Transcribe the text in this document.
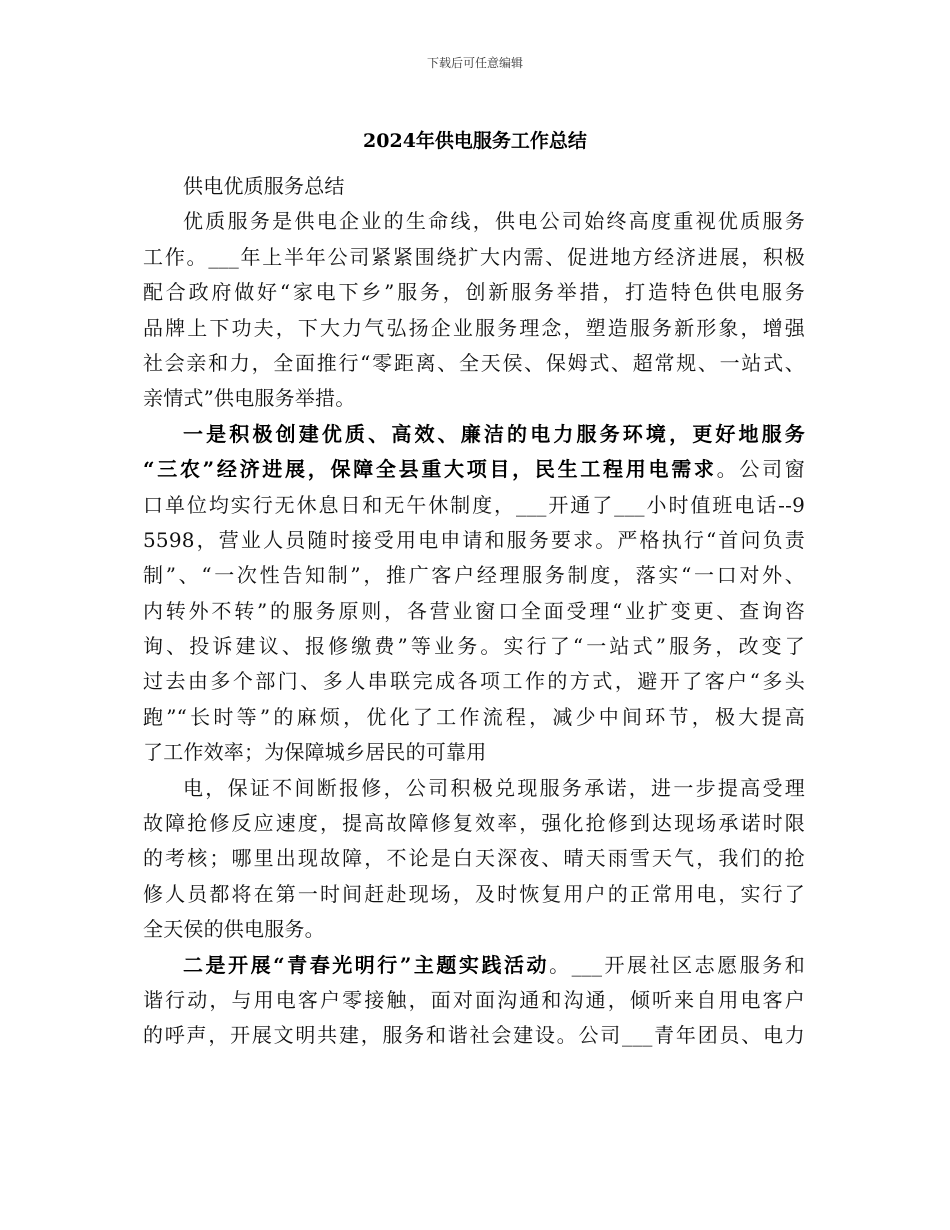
下载后可任意编辑
2024年供电服务工作总结
供电优质服务总结
优质服务是供电企业的生命线，供电公司始终高度重视优质服务
工作。___年上半年公司紧紧围绕扩大内需、促进地方经济进展，积极
配合政府做好“家电下乡”服务，创新服务举措，打造特色供电服务
品牌上下功夫，下大力气弘扬企业服务理念，塑造服务新形象，增强
社会亲和力，全面推行“零距离、全天侯、保姆式、超常规、一站式、
亲情式”供电服务举措。
一是积极创建优质、高效、廉洁的电力服务环境，更好地服务
“三农”经济进展，保障全县重大项目，民生工程用电需求。公司窗
口单位均实行无休息日和无午休制度，___开通了___小时值班电话--9
5598，营业人员随时接受用电申请和服务要求。严格执行“首问负责
制”、“一次性告知制”，推广客户经理服务制度，落实“一口对外、
内转外不转”的服务原则，各营业窗口全面受理“业扩变更、查询咨
询、投诉建议、报修缴费”等业务。实行了“一站式”服务，改变了
过去由多个部门、多人串联完成各项工作的方式，避开了客户“多头
跑”“长时等”的麻烦，优化了工作流程，减少中间环节，极大提高
了工作效率；为保障城乡居民的可靠用
电，保证不间断报修，公司积极兑现服务承诺，进一步提高受理
故障抢修反应速度，提高故障修复效率，强化抢修到达现场承诺时限
的考核；哪里出现故障，不论是白天深夜、晴天雨雪天气，我们的抢
修人员都将在第一时间赶赴现场，及时恢复用户的正常用电，实行了
全天侯的供电服务。
二是开展“青春光明行”主题实践活动。___开展社区志愿服务和
谐行动，与用电客户零接触，面对面沟通和沟通，倾听来自用电客户
的呼声，开展文明共建，服务和谐社会建设。公司___青年团员、电力
